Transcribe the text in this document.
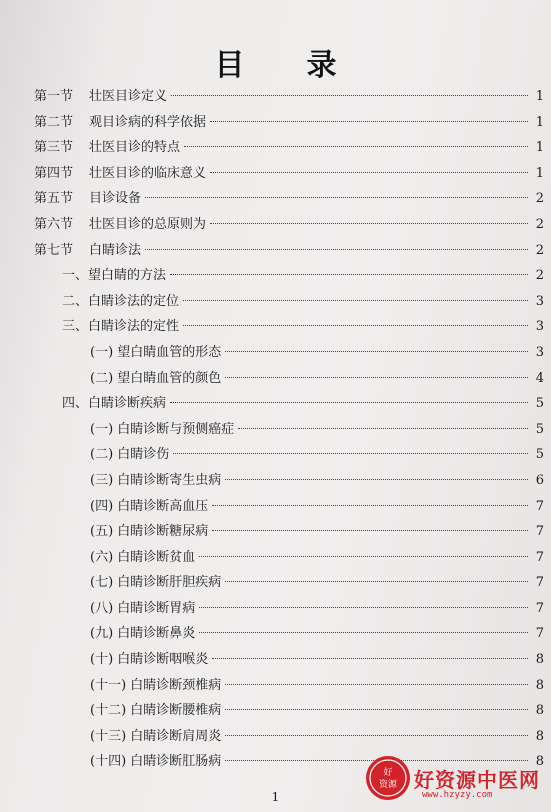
目录
第一节 壮医目诊定义	1
第二节 观目诊病的科学依据	1
第三节 壮医目诊的特点	1
第四节 壮医目诊的临床意义	1
第五节 目诊设备	2
第六节 壮医目诊的总原则为	2
第七节 白睛诊法	2
一、望白睛的方法	2
二、白睛诊法的定位	3
三、白睛诊法的定性	3
(一) 望白睛血管的形态	3
(二) 望白睛血管的颜色	4
四、白睛诊断疾病	5
(一) 白睛诊断与预侧癌症	5
(二) 白睛诊伤	5
(三) 白睛诊断寄生虫病	6
(四) 白睛诊断高血压	7
(五) 白睛诊断糖尿病	7
(六) 白睛诊断贫血	7
(七) 白睛诊断肝胆疾病	7
(八) 白睛诊断胃病	7
(九) 白睛诊断鼻炎	7
(十) 白睛诊断咽喉炎	8
(十一) 白睛诊断颈椎病	8
(十二) 白睛诊断腰椎病	8
(十三) 白睛诊断肩周炎	8
(十四) 白睛诊断肛肠病	8
1
好
资源 好资源中医网
www.hzyzy.com
